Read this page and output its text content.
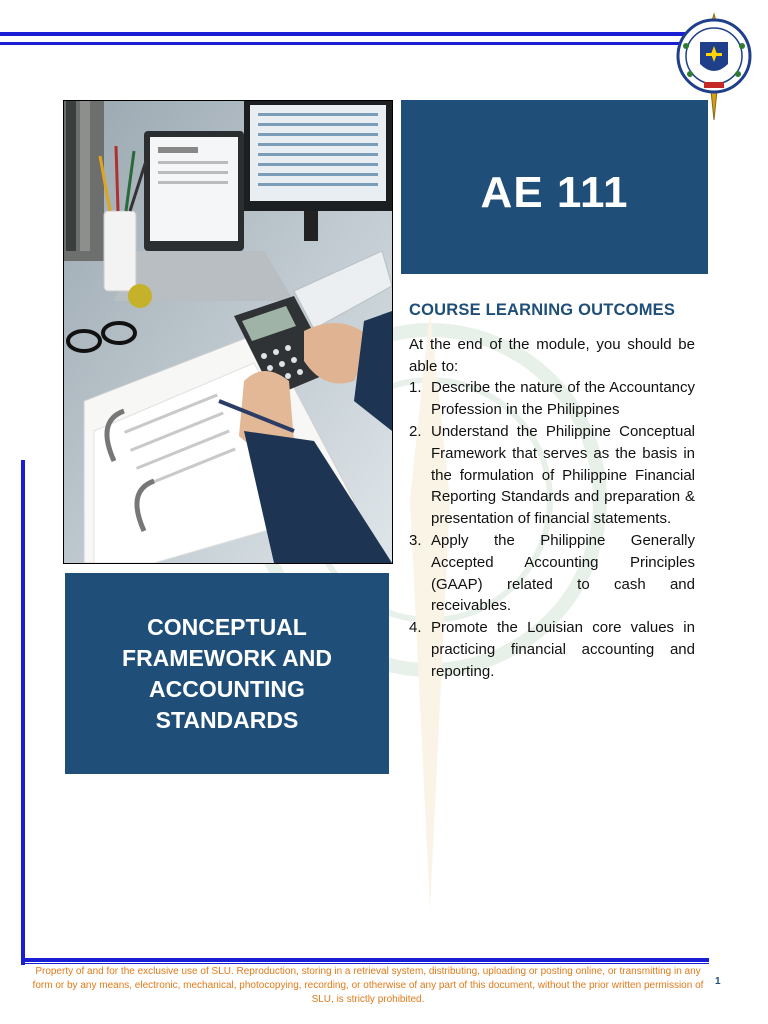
AE 111
CONCEPTUAL
FRAMEWORK AND
ACCOUNTING
STANDARDS
COURSE LEARNING OUTCOMES

At the end of the module, you should be able to:

1. Describe the nature of the Accountancy Profession in the Philippines
2. Understand the Philippine Conceptual Framework that serves as the basis in the formulation of Philippine Financial Reporting Standards and preparation & presentation of financial statements.
3. Apply the Philippine Generally Accepted Accounting Principles (GAAP) related to cash and receivables.
4. Promote the Louisian core values in practicing financial accounting and reporting.
Property of and for the exclusive use of SLU. Reproduction, storing in a retrieval system, distributing, uploading or posting online, or transmitting in any form or by any means, electronic, mechanical, photocopying, recording, or otherwise of any part of this document, without the prior written permission of SLU, is strictly prohibited.
1
